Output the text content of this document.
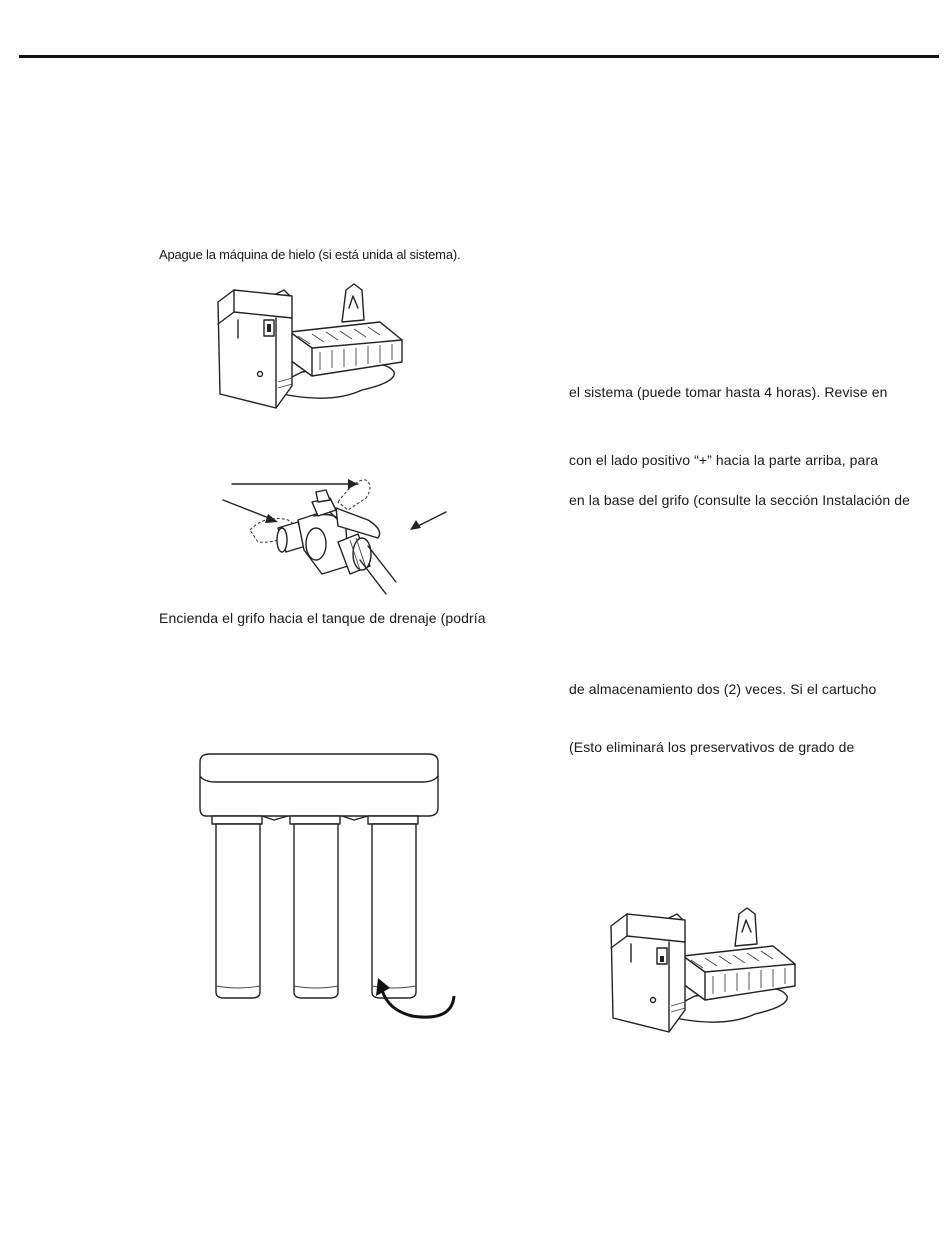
Apague la máquina de hielo (si está unida al sistema).
Encienda el grifo hacia el tanque de drenaje (podría
el sistema (puede tomar hasta 4 horas). Revise en
con el lado positivo “+” hacia la parte arriba, para
en la base del grifo (consulte la sección Instalación de
de almacenamiento dos (2) veces. Si el cartucho
(Esto eliminará los preservativos de grado de
